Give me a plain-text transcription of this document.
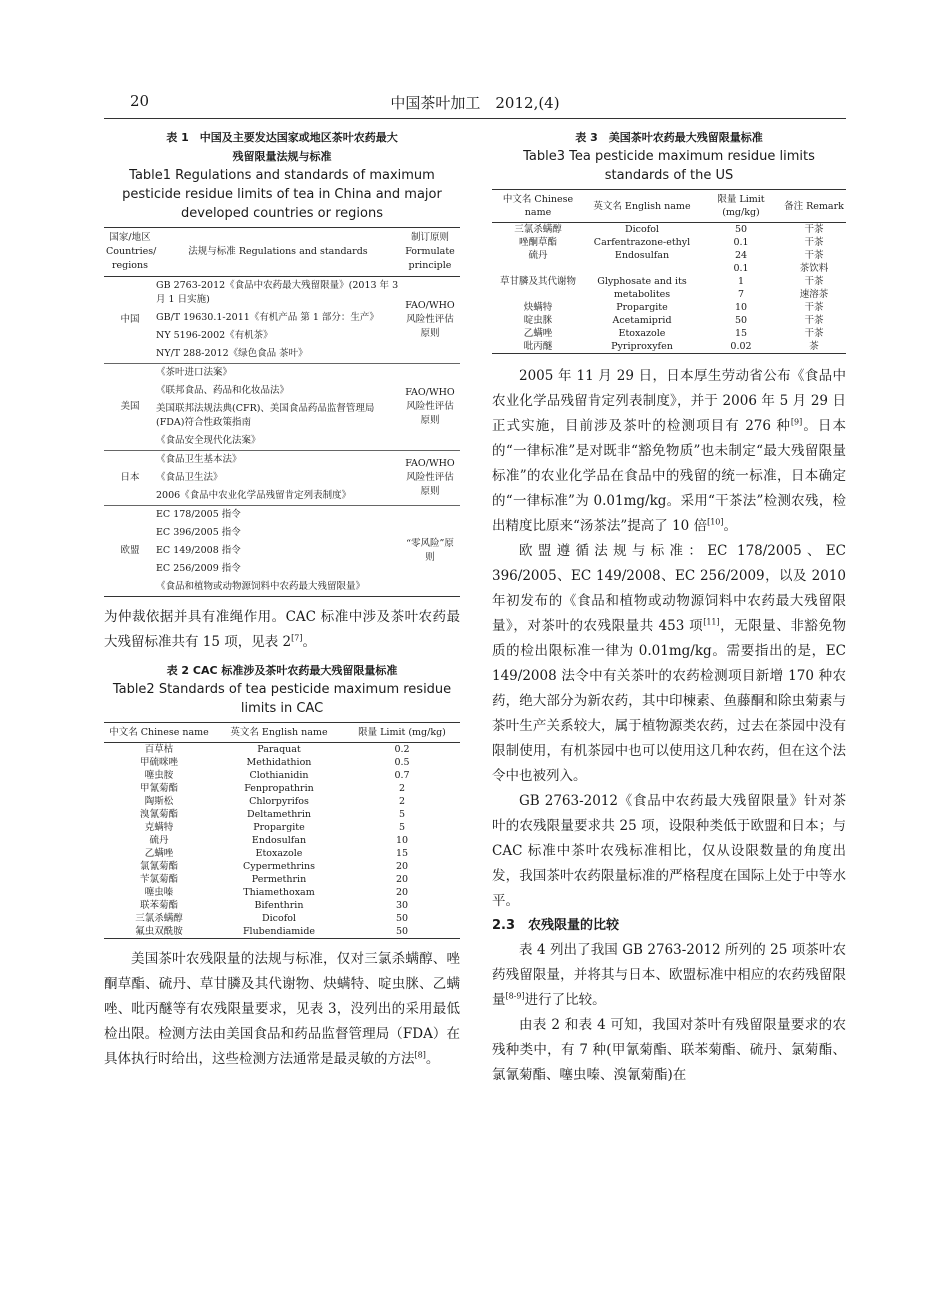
20	中国茶叶加工　2012,(4)
表 1　中国及主要发达国家或地区茶叶农药最大
残留限量法规与标准
Table1 Regulations and standards of maximum pesticide residue limits of tea in China and major developed countries or regions
国家/地区 Countries/ regions	法规与标准 Regulations and standards	制订原则 Formulate principle
中国	GB 2763-2012《食品中农药最大残留限量》(2013 年 3 月 1 日实施)	FAO/WHO 风险性评估原则
	GB/T 19630.1-2011《有机产品 第 1 部分：生产》	
	NY 5196-2002《有机茶》	
	NY/T 288-2012《绿色食品 茶叶》	
美国	《茶叶进口法案》	FAO/WHO 风险性评估原则
	《联邦食品、药品和化妆品法》	
	美国联邦法规法典(CFR)、美国食品药品监督管理局(FDA)符合性政策指南	
	《食品安全现代化法案》	
日本	《食品卫生基本法》	FAO/WHO 风险性评估原则
	《食品卫生法》	
	2006《食品中农业化学品残留肯定列表制度》	
欧盟	EC 178/2005 指令	“零风险”原则
	EC 396/2005 指令	
	EC 149/2008 指令	
	EC 256/2009 指令	
	《食品和植物或动物源饲料中农药最大残留限量》	

为仲裁依据并具有准绳作用。CAC 标准中涉及茶叶农药最大残留标准共有 15 项，见表 2[7]。

表 2 CAC 标准涉及茶叶农药最大残留限量标准
Table2 Standards of tea pesticide maximum residue limits in CAC
中文名 Chinese name	英文名 English name	限量 Limit (mg/kg)
百草枯	Paraquat	0.2
甲硫咪唑	Methidathion	0.5
噻虫胺	Clothianidin	0.7
甲氰菊酯	Fenpropathrin	2
陶斯松	Chlorpyrifos	2
溴氰菊酯	Deltamethrin	5
克螨特	Propargite	5
硫丹	Endosulfan	10
乙螨唑	Etoxazole	15
氯氰菊酯	Cypermethrins	20
苄氯菊酯	Permethrin	20
噻虫嗪	Thiamethoxam	20
联苯菊酯	Bifenthrin	30
三氯杀螨醇	Dicofol	50
氟虫双酰胺	Flubendiamide	50

美国茶叶农残限量的法规与标准，仅对三氯杀螨醇、唑酮草酯、硫丹、草甘膦及其代谢物、炔螨特、啶虫脒、乙螨唑、吡丙醚等有农残限量要求，见表 3，没列出的采用最低检出限。检测方法由美国食品和药品监督管理局（FDA）在具体执行时给出，这些检测方法通常是最灵敏的方法[8]。

表 3　美国茶叶农药最大残留限量标准
Table3 Tea pesticide maximum residue limits standards of the US
中文名 Chinese name	英文名 English name	限量 Limit (mg/kg)	备注 Remark
三氯杀螨醇	Dicofol	50	干茶
唑酮草酯	Carfentrazone-ethyl	0.1	干茶
硫丹	Endosulfan	24	干茶
		0.1	茶饮料
草甘膦及其代谢物	Glyphosate and its	1	干茶
	metabolites	7	速溶茶
炔螨特	Propargite	10	干茶
啶虫脒	Acetamiprid	50	干茶
乙螨唑	Etoxazole	15	干茶
吡丙醚	Pyriproxyfen	0.02	茶

2005 年 11 月 29 日，日本厚生劳动省公布《食品中农业化学品残留肯定列表制度》，并于 2006 年 5 月 29 日正式实施，目前涉及茶叶的检测项目有 276 种[9]。日本的“一律标准”是对既非“豁免物质”也未制定“最大残留限量标准”的农业化学品在食品中的残留的统一标准，日本确定的“一律标准”为 0.01mg/kg。采用“干茶法”检测农残，检出精度比原来“汤茶法”提高了 10 倍[10]。

欧盟遵循法规与标准：EC 178/2005、EC 396/2005、EC 149/2008、EC 256/2009，以及 2010 年初发布的《食品和植物或动物源饲料中农药最大残留限量》，对茶叶的农残限量共 453 项[11]，无限量、非豁免物质的检出限标准一律为 0.01mg/kg。需要指出的是，EC 149/2008 法令中有关茶叶的农药检测项目新增 170 种农药，绝大部分为新农药，其中印楝素、鱼藤酮和除虫菊素与茶叶生产关系较大，属于植物源类农药，过去在茶园中没有限制使用，有机茶园中也可以使用这几种农药，但在这个法令中也被列入。

GB 2763-2012《食品中农药最大残留限量》针对茶叶的农残限量要求共 25 项，设限种类低于欧盟和日本；与 CAC 标准中茶叶农残标准相比，仅从设限数量的角度出发，我国茶叶农药限量标准的严格程度在国际上处于中等水平。

2.3　农残限量的比较

表 4 列出了我国 GB 2763-2012 所列的 25 项茶叶农药残留限量，并将其与日本、欧盟标准中相应的农药残留限量[8-9]进行了比较。

由表 2 和表 4 可知，我国对茶叶有残留限量要求的农残种类中，有 7 种(甲氰菊酯、联苯菊酯、硫丹、氯菊酯、氯氰菊酯、噻虫嗪、溴氰菊酯)在
